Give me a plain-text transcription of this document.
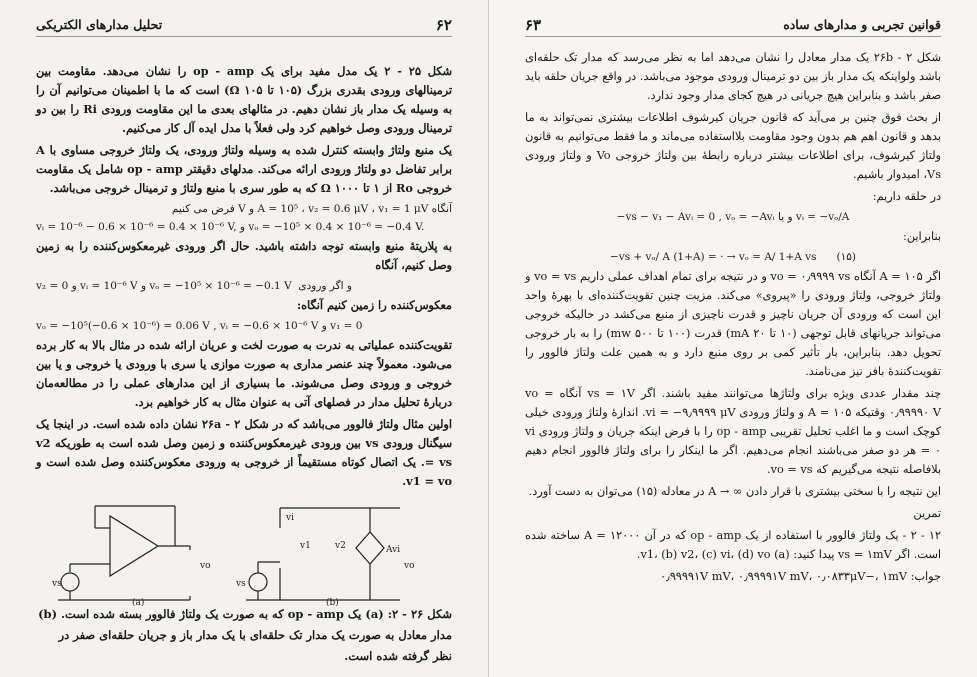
۶۲
تحلیل مدارهای الکتریکی

شکل ۲۵ - ۲ یک مدل مفید برای یک op - amp را نشان می‌دهد. مقاومت بین ترمینالهای ورودی بقدری بزرگ (۱۰۵ تا ۱۰۵ Ω) است که ما با اطمینان می‌توانیم آن را به وسیله یک مدار باز نشان دهیم. در مثالهای بعدی ما این مقاومت ورودی Ri را بین دو ترمینال ورودی وصل خواهیم کرد ولی فعلاً با مدل ایده آل کار می‌کنیم.

یک منبع ولتاژ وابسته کنترل شده به وسیله ولتاژ ورودی، یک ولتاژ خروجی مساوی با A برابر تفاضل دو ولتاژ ورودی ارائه می‌کند. مدلهای دقیقتر op - amp شامل یک مقاومت خروجی Ro از ۱ تا ۱۰۰۰ Ω که به طور سری با منبع ولتاژ و ترمینال خروجی می‌باشد.

فرض می کنیم V و A = 10⁵ ، v₂ = 0.6 μV ، v₁ = 1 μV آنگاه
vᵢ = 10⁻⁶ − 0.6 × 10⁻⁶ = 0.4 × 10⁻⁶ V, و vₒ = −10⁵ × 0.4 × 10⁻⁶ = −0.4 V.

به پلاریتهٔ منبع وابسته توجه داشته باشید. حال اگر ورودی غیرمعکوس‌کننده را به زمین وصل کنیم، آنگاه

v₂ = 0 و vᵢ = 10⁻⁶ V و vₒ = −10⁵ × 10⁻⁶ = −0.1 V و اگر ورودی

معکوس‌کننده را زمین کنیم آنگاه:

vₒ = −10⁵(−0.6 × 10⁻⁶) = 0.06 V , vᵢ = −0.6 × 10⁻⁶ V و v₁ = 0

تقویت‌کننده عملیاتی به ندرت به صورت لخت و عریان ارائه شده در مثال بالا به کار برده می‌شود. معمولاً چند عنصر مداری به صورت موازی یا سری با ورودی یا خروجی و یا بین خروجی و ورودی وصل می‌شوند. ما بسیاری از این مدارهای عملی را در مطالعه‌مان دربارهٔ تحلیل مدار در فصلهای آتی به عنوان مثال به کار خواهیم برد.

اولین مثال ولتاژ فالوور می‌باشد که در شکل ۲۶a - ۲ نشان داده شده است. در اینجا یک سیگنال ورودی vs بین ورودی غیرمعکوس‌کننده و زمین وصل شده است به طوریکه v2 = vs. یک اتصال کوتاه مستقیماً از خروجی به ورودی معکوس‌کننده وصل شده است و v1 = vo.

vs
vo
(a)
vs
v1	v2
vi
Avi
vo
(b)
شکل ۲۶ - ۲: (a) یک op - amp که به صورت یک ولتاژ فالوور بسته شده است. (b) مدار معادل به صورت یک مدار تک حلقه‌ای با یک مدار باز و جریان حلقه‌ای صفر در نظر گرفته شده است.
۶۳	قوانین تجربی و مدارهای ساده

شکل ۲۶b - ۲ یک مدار معادل را نشان می‌دهد اما به نظر می‌رسد که مدار تک حلقه‌ای باشد ولواینکه یک مدار باز بین دو ترمینال ورودی موجود می‌باشد. در واقع جریان حلقه باید صفر باشد و بنابراین هیچ جریانی در هیچ کجای مدار وجود ندارد.

از بحث فوق چنین بر می‌آید که قانون جریان کیرشوف اطلاعات بیشتری نمی‌تواند به ما بدهد و قانون اهم هم بدون وجود مقاومت بلااستفاده می‌ماند و ما فقط می‌توانیم به قانون ولتاژ کیرشوف، برای اطلاعات بیشتر درباره رابطهٔ بین ولتاژ خروجی Vo و ولتاژ ورودی Vs، امیدوار باشیم.

در حلقه داریم:

−vs − v₁ − Avᵢ = 0 , vₒ = −Avᵢ و یا vᵢ = −vₒ/A

بنابراین:

−vs + vₒ/ A (1+A) = · → vₒ = A/ 1+A vs (۱۵)

اگر A = ۱۰۵ آنگاه vo = ۰٫۹۹۹۹ vs و در نتیجه برای تمام اهداف عملی داریم vo = vs و ولتاژ خروجی، ولتاژ ورودی را «پیروی» می‌کند. مزیت چنین تقویت‌کننده‌ای با بهرهٔ واحد این است که ورودی آن جریان ناچیز و قدرت ناچیزی از منبع می‌کشد در حالیکه خروجی می‌تواند جریانهای قابل توجهی (۱۰ تا ۲۰ mA) قدرت (۱۰۰ تا ۵۰۰ mw) را به بار خروجی تحویل دهد. بنابراین، بار تأثیر کمی بر روی منبع دارد و به همین علت ولتاژ فالوور را تقویت‌کنندهٔ بافر نیز می‌نامند.

چند مقدار عددی ویژه برای ولتاژها می‌توانند مفید باشند. اگر vs = ۱V آنگاه vo = ۰٫۹۹۹۹۰ V وقتیکه A = ۱۰۵ و ولتاژ ورودی vi = −۹٫۹۹۹۹ μV. اندازهٔ ولتاژ ورودی خیلی کوچک است و ما اغلب تحلیل تقریبی op - amp را با فرض اینکه جریان و ولتاژ ورودی vi = ۰ هر دو صفر می‌باشند انجام می‌دهیم. اگر ما اینکار را برای ولتاژ فالوور انجام دهیم بلافاصله نتیجه می‌گیریم که vo = vs.

این نتیجه را با سختی بیشتری با قرار دادن ∞ → A در معادله (۱۵) می‌توان به دست آورد.

تمرین

۱۲ - ۲ - یک ولتاژ فالوور با استفاده از یک op - amp که در آن A = ۱۲۰۰۰ ساخته شده است. اگر vs = ۱mV پیدا کنید: (a) v1، (b) v2، (c) vi، (d) vo.

جواب: ۰٫۹۹۹۹۱V mV، ۰٫۹۹۹۹۱V mV، ۰٫۰۸۳۳μV−، ۱mV
